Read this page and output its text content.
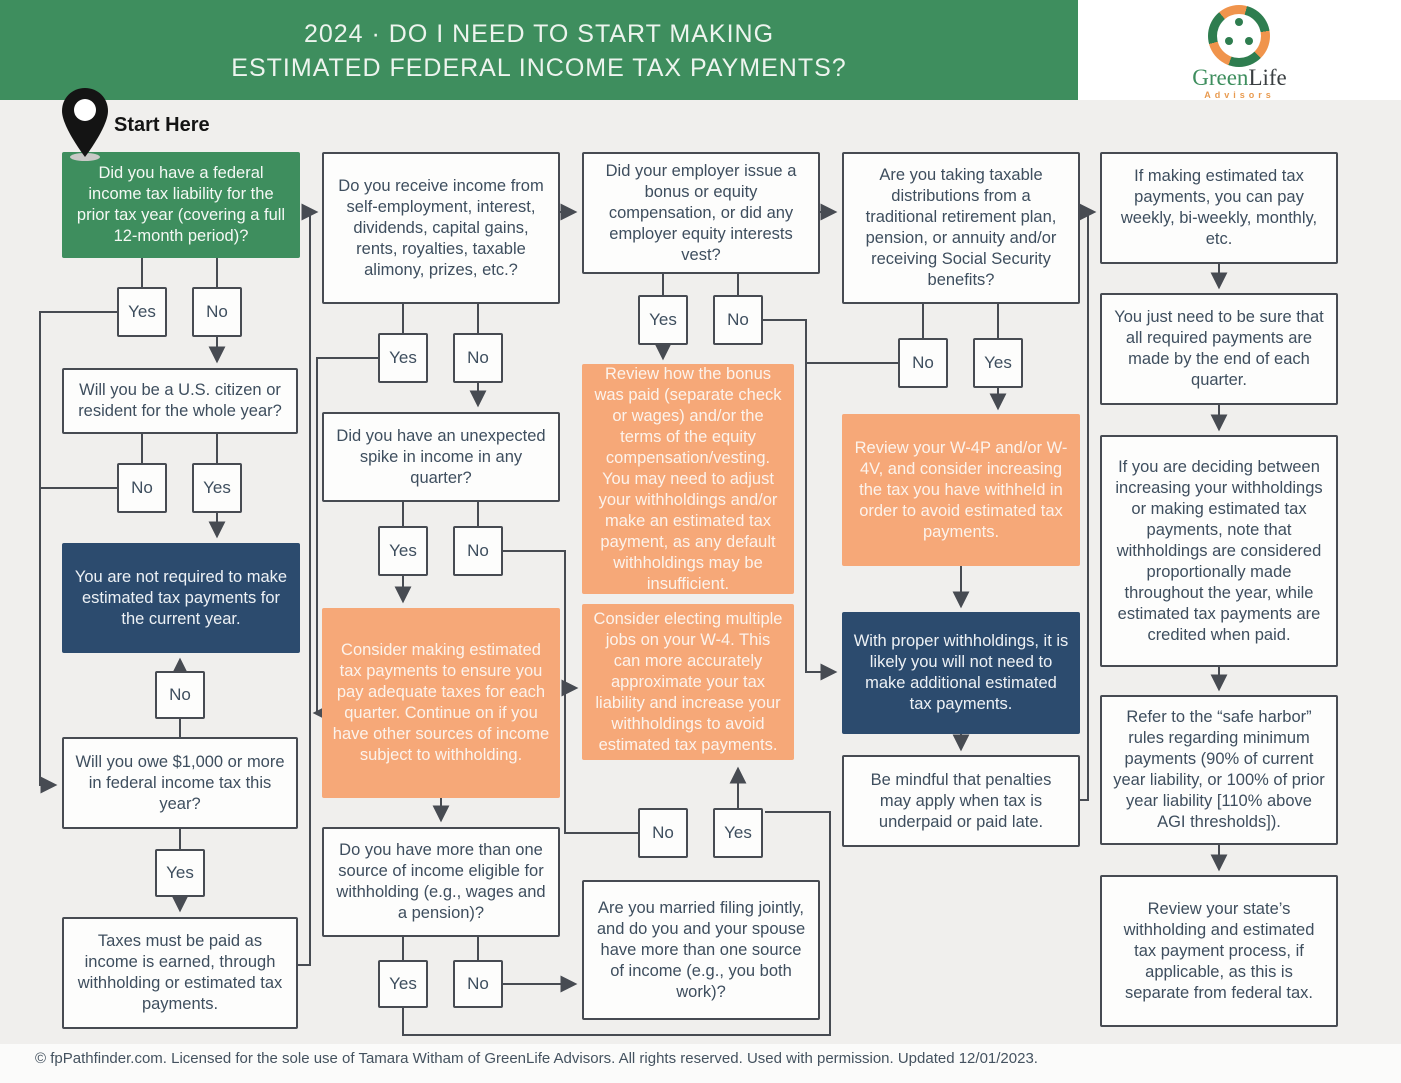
2024 · DO I NEED TO START MAKING
ESTIMATED FEDERAL INCOME TAX PAYMENTS?	GreenLife
Advisors
Start Here
Did you have a federal income tax liability for the prior tax year (covering a full 12-month period)?
Yes	No
Will you be a U.S. citizen or resident for the whole year?
No	Yes
You are not required to make estimated tax payments for the current year.
No
Will you owe $1,000 or more in federal income tax this year?
Yes
Taxes must be paid as income is earned, through withholding or estimated tax payments.
Do you receive income from self-employment, interest, dividends, capital gains, rents, royalties, taxable alimony, prizes, etc.?
Yes	No
Did you have an unexpected spike in income in any quarter?
Yes	No
Consider making estimated tax payments to ensure you pay adequate taxes for each quarter. Continue on if you have other sources of income subject to withholding.
Do you have more than one source of income eligible for withholding (e.g., wages and a pension)?
Yes	No
Did your employer issue a bonus or equity compensation, or did any employer equity interests vest?
Yes	No
Review how the bonus was paid (separate check or wages) and/or the terms of the equity compensation/vesting. You may need to adjust your withholdings and/or make an estimated tax payment, as any default withholdings may be insufficient.
Consider electing multiple jobs on your W-4. This can more accurately approximate your tax liability and increase your withholdings to avoid estimated tax payments.
No	Yes
Are you married filing jointly, and do you and your spouse have more than one source of income (e.g., you both work)?
Are you taking taxable distributions from a traditional retirement plan, pension, or annuity and/or receiving Social Security benefits?
No	Yes
Review your W-4P and/or W-4V, and consider increasing the tax you have withheld in order to avoid estimated tax payments.
With proper withholdings, it is likely you will not need to make additional estimated tax payments.
Be mindful that penalties may apply when tax is underpaid or paid late.
If making estimated tax payments, you can pay weekly, bi-weekly, monthly, etc.
You just need to be sure that all required payments are made by the end of each quarter.
If you are deciding between increasing your withholdings or making estimated tax payments, note that withholdings are considered proportionally made throughout the year, while estimated tax payments are credited when paid.
Refer to the “safe harbor” rules regarding minimum payments (90% of current year liability, or 100% of prior year liability [110% above AGI thresholds]).
Review your state’s withholding and estimated tax payment process, if applicable, as this is separate from federal tax.
© fpPathfinder.com. Licensed for the sole use of Tamara Witham of GreenLife Advisors. All rights reserved. Used with permission. Updated 12/01/2023.
